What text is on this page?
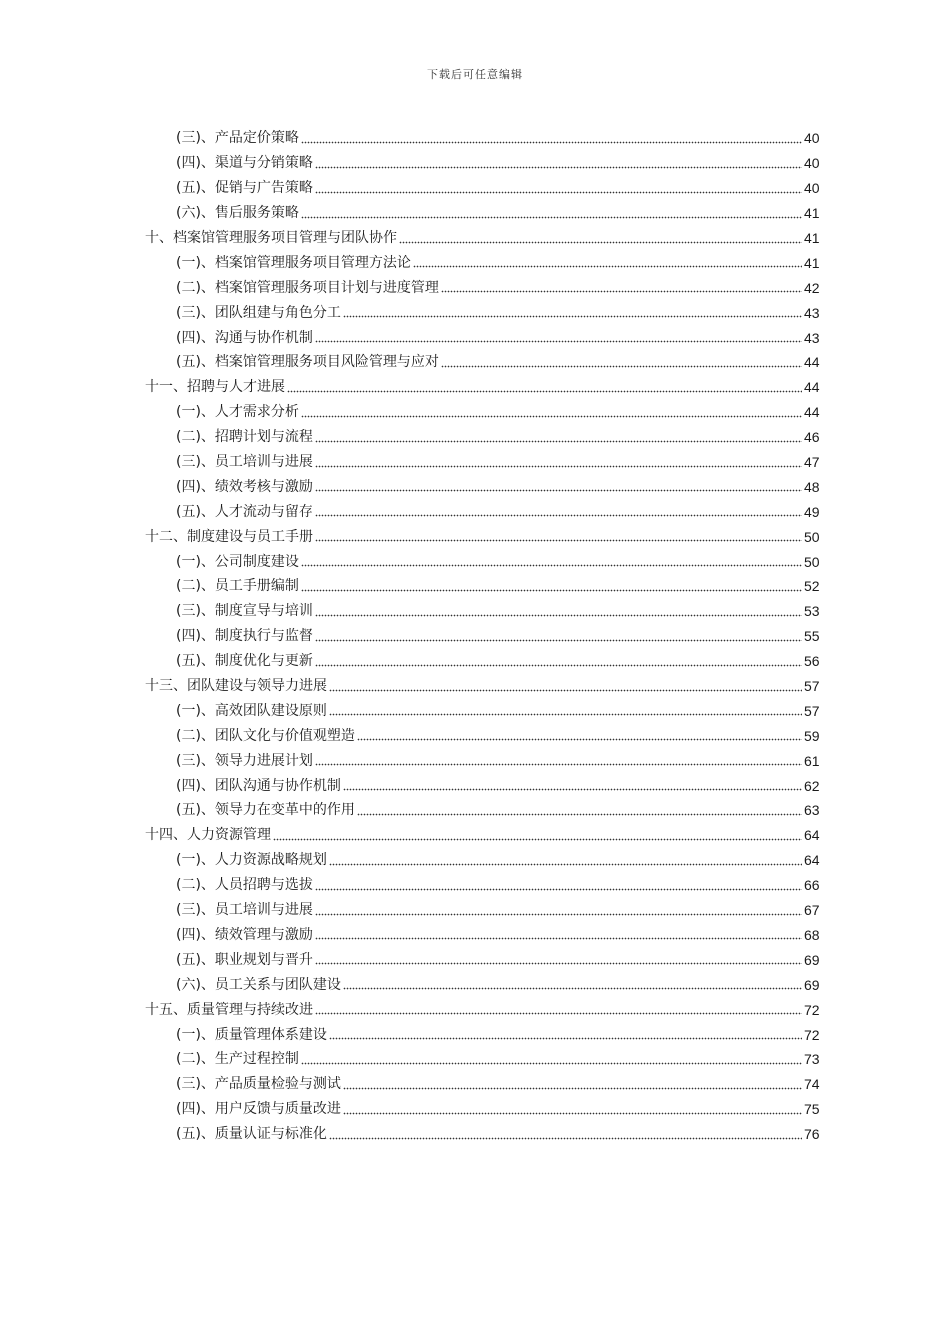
下载后可任意编辑
(三)、产品定价策略	40
(四)、渠道与分销策略	40
(五)、促销与广告策略	40
(六)、售后服务策略	41
十、档案馆管理服务项目管理与团队协作	41
(一)、档案馆管理服务项目管理方法论	41
(二)、档案馆管理服务项目计划与进度管理	42
(三)、团队组建与角色分工	43
(四)、沟通与协作机制	43
(五)、档案馆管理服务项目风险管理与应对	44
十一、招聘与人才进展	44
(一)、人才需求分析	44
(二)、招聘计划与流程	46
(三)、员工培训与进展	47
(四)、绩效考核与激励	48
(五)、人才流动与留存	49
十二、制度建设与员工手册	50
(一)、公司制度建设	50
(二)、员工手册编制	52
(三)、制度宣导与培训	53
(四)、制度执行与监督	55
(五)、制度优化与更新	56
十三、团队建设与领导力进展	57
(一)、高效团队建设原则	57
(二)、团队文化与价值观塑造	59
(三)、领导力进展计划	61
(四)、团队沟通与协作机制	62
(五)、领导力在变革中的作用	63
十四、人力资源管理	64
(一)、人力资源战略规划	64
(二)、人员招聘与选拔	66
(三)、员工培训与进展	67
(四)、绩效管理与激励	68
(五)、职业规划与晋升	69
(六)、员工关系与团队建设	69
十五、质量管理与持续改进	72
(一)、质量管理体系建设	72
(二)、生产过程控制	73
(三)、产品质量检验与测试	74
(四)、用户反馈与质量改进	75
(五)、质量认证与标准化	76
